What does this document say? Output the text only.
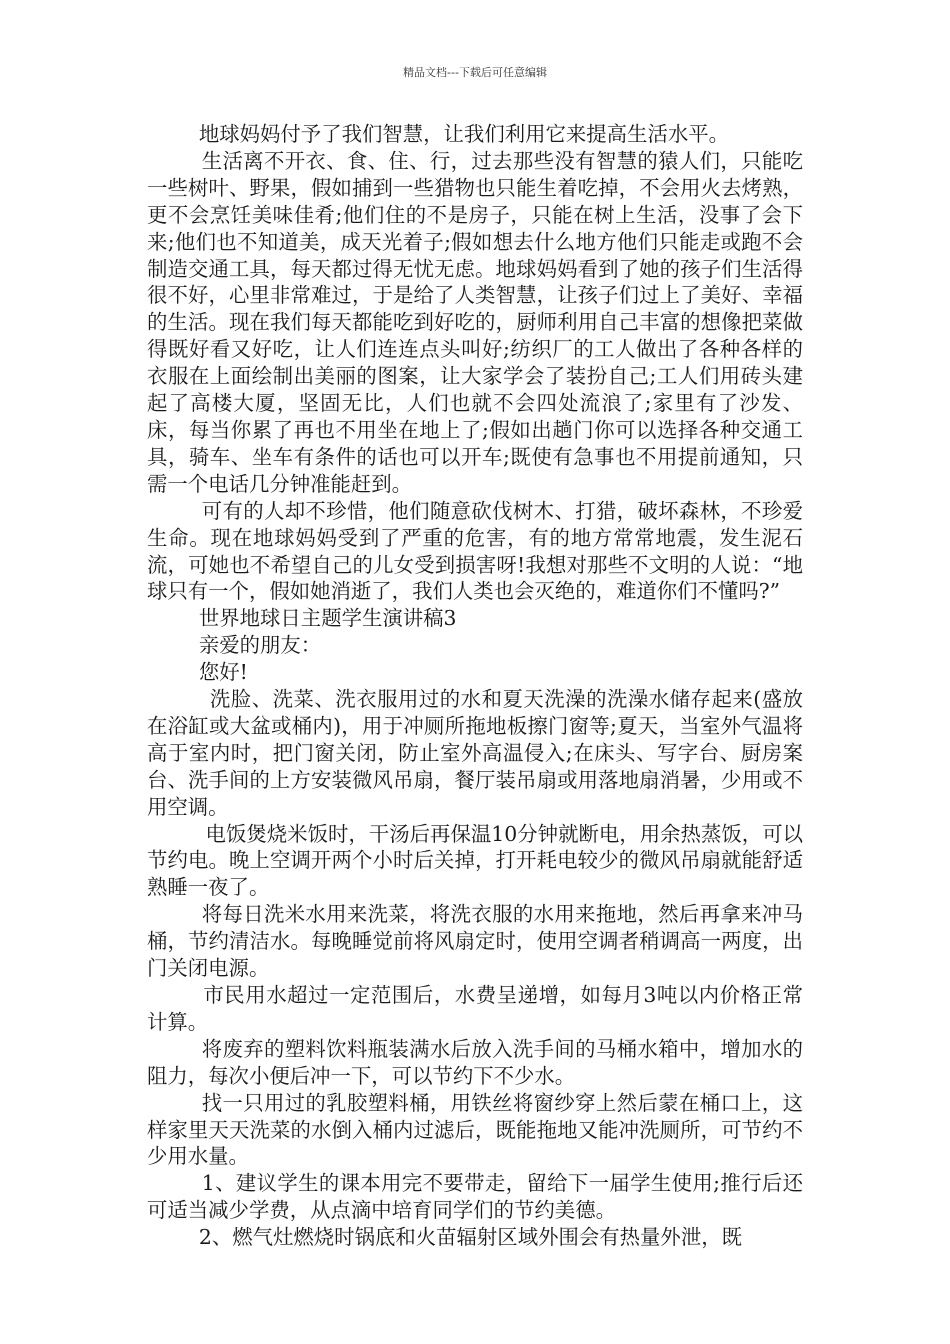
精品文档---下载后可任意编辑

地球妈妈付予了我们智慧，让我们利用它来提高生活水平。

生活离不开衣、食、住、行，过去那些没有智慧的猿人们，只能吃一些树叶、野果，假如捕到一些猎物也只能生着吃掉，不会用火去烤熟，更不会烹饪美味佳肴;他们住的不是房子，只能在树上生活，没事了会下来;他们也不知道美，成天光着子;假如想去什么地方他们只能走或跑不会制造交通工具，每天都过得无忧无虑。地球妈妈看到了她的孩子们生活得很不好，心里非常难过，于是给了人类智慧，让孩子们过上了美好、幸福的生活。现在我们每天都能吃到好吃的，厨师利用自己丰富的想像把菜做得既好看又好吃，让人们连连点头叫好;纺织厂的工人做出了各种各样的衣服在上面绘制出美丽的图案，让大家学会了装扮自己;工人们用砖头建起了高楼大厦，坚固无比，人们也就不会四处流浪了;家里有了沙发、床，每当你累了再也不用坐在地上了;假如出趟门你可以选择各种交通工具，骑车、坐车有条件的话也可以开车;既使有急事也不用提前通知，只需一个电话几分钟准能赶到。

可有的人却不珍惜，他们随意砍伐树木、打猎，破坏森林，不珍爱生命。现在地球妈妈受到了严重的危害，有的地方常常地震，发生泥石流，可她也不希望自己的儿女受到损害呀!我想对那些不文明的人说：“地球只有一个，假如她消逝了，我们人类也会灭绝的，难道你们不懂吗?”

世界地球日主题学生演讲稿3

亲爱的朋友：

您好!

洗脸、洗菜、洗衣服用过的水和夏天洗澡的洗澡水储存起来(盛放在浴缸或大盆或桶内)，用于冲厕所拖地板擦门窗等;夏天，当室外气温将高于室内时，把门窗关闭，防止室外高温侵入;在床头、写字台、厨房案台、洗手间的上方安装微风吊扇，餐厅装吊扇或用落地扇消暑，少用或不用空调。

电饭煲烧米饭时，干汤后再保温10分钟就断电，用余热蒸饭，可以节约电。晚上空调开两个小时后关掉，打开耗电较少的微风吊扇就能舒适熟睡一夜了。

将每日洗米水用来洗菜，将洗衣服的水用来拖地，然后再拿来冲马桶，节约清洁水。每晚睡觉前将风扇定时，使用空调者稍调高一两度，出门关闭电源。

市民用水超过一定范围后，水费呈递增，如每月3吨以内价格正常计算。

将废弃的塑料饮料瓶装满水后放入洗手间的马桶水箱中，增加水的阻力，每次小便后冲一下，可以节约下不少水。

找一只用过的乳胶塑料桶，用铁丝将窗纱穿上然后蒙在桶口上，这样家里天天洗菜的水倒入桶内过滤后，既能拖地又能冲洗厕所，可节约不少用水量。

1、建议学生的课本用完不要带走，留给下一届学生使用;推行后还可适当减少学费，从点滴中培育同学们的节约美德。

2、燃气灶燃烧时锅底和火苗辐射区域外围会有热量外泄，既
